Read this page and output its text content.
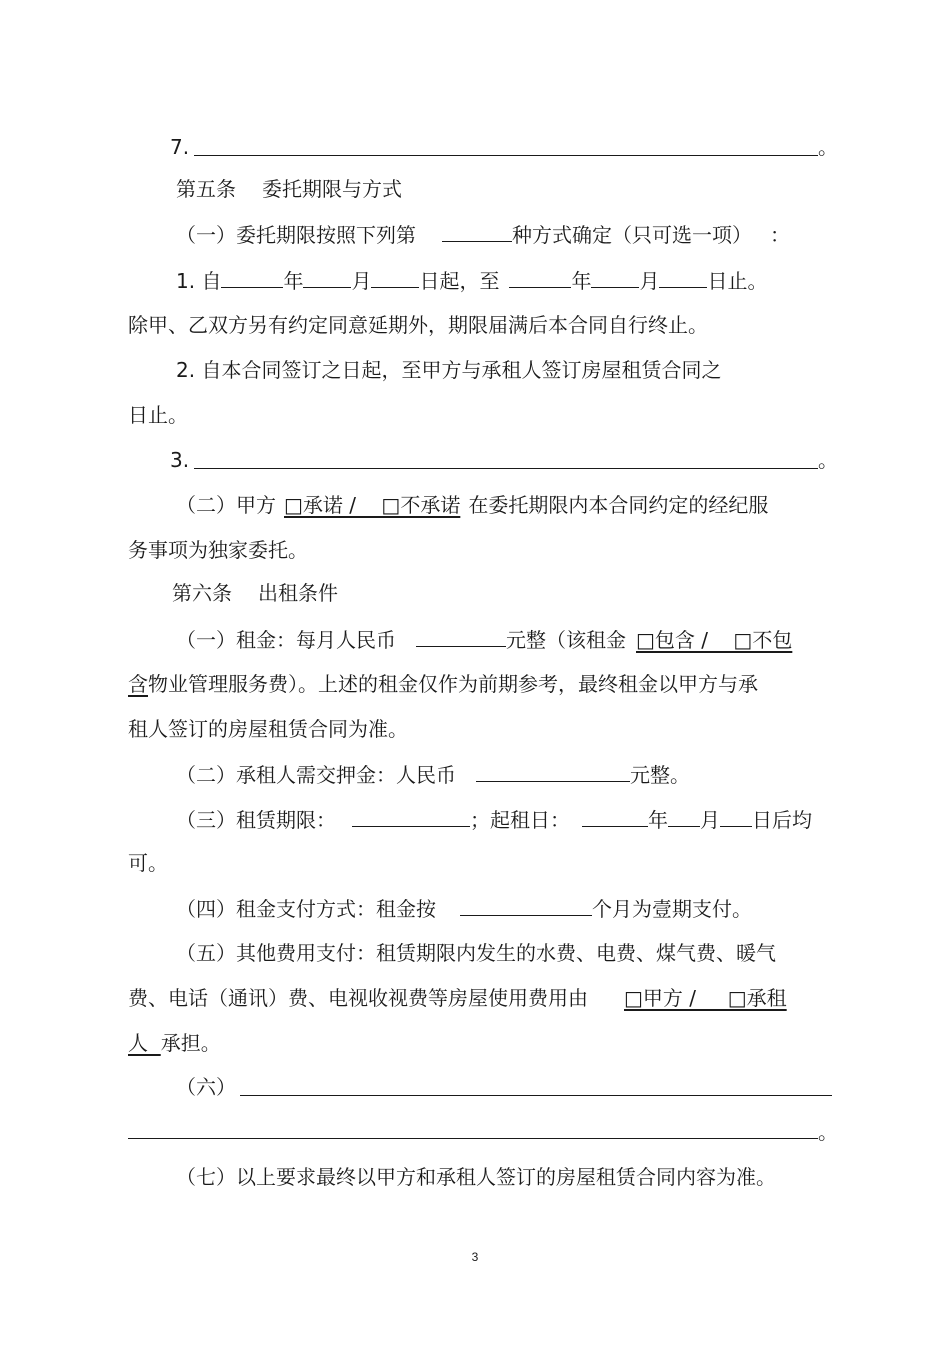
7.	。
第五条 委托期限与方式
（一）委托期限按照下列第	种方式确定（只可选一项） ：
1. 自	年 月 日起，至	年 月 日止。
除甲、乙双方另有约定同意延期外，期限届满后本合同自行终止。
2. 自本合同签订之日起，至甲方与承租人签订房屋租赁合同之
日止。
3.	。
（二）甲方 □承诺 /    □不承诺 在委托期限内本合同约定的经纪服
务事项为独家委托。
第六条 出租条件
（一）租金：每月人民币	元整（该租金 □包含 /    □不包
含物业管理服务费）。上述的租金仅作为前期参考，最终租金以甲方与承
租人签订的房屋租赁合同为准。
（二）承租人需交押金：人民币	元整。
（三）租赁期限：	；起租日：	年 月 日后均
可。
（四）租金支付方式：租金按	个月为壹期支付。
（五）其他费用支付：租赁期限内发生的水费、电费、煤气费、暖气
费、电话（通讯）费、电视收视费等房屋使用费用由 □甲方 /     □承租
人 承担。
（六）
。
（七）以上要求最终以甲方和承租人签订的房屋租赁合同内容为准。
3
